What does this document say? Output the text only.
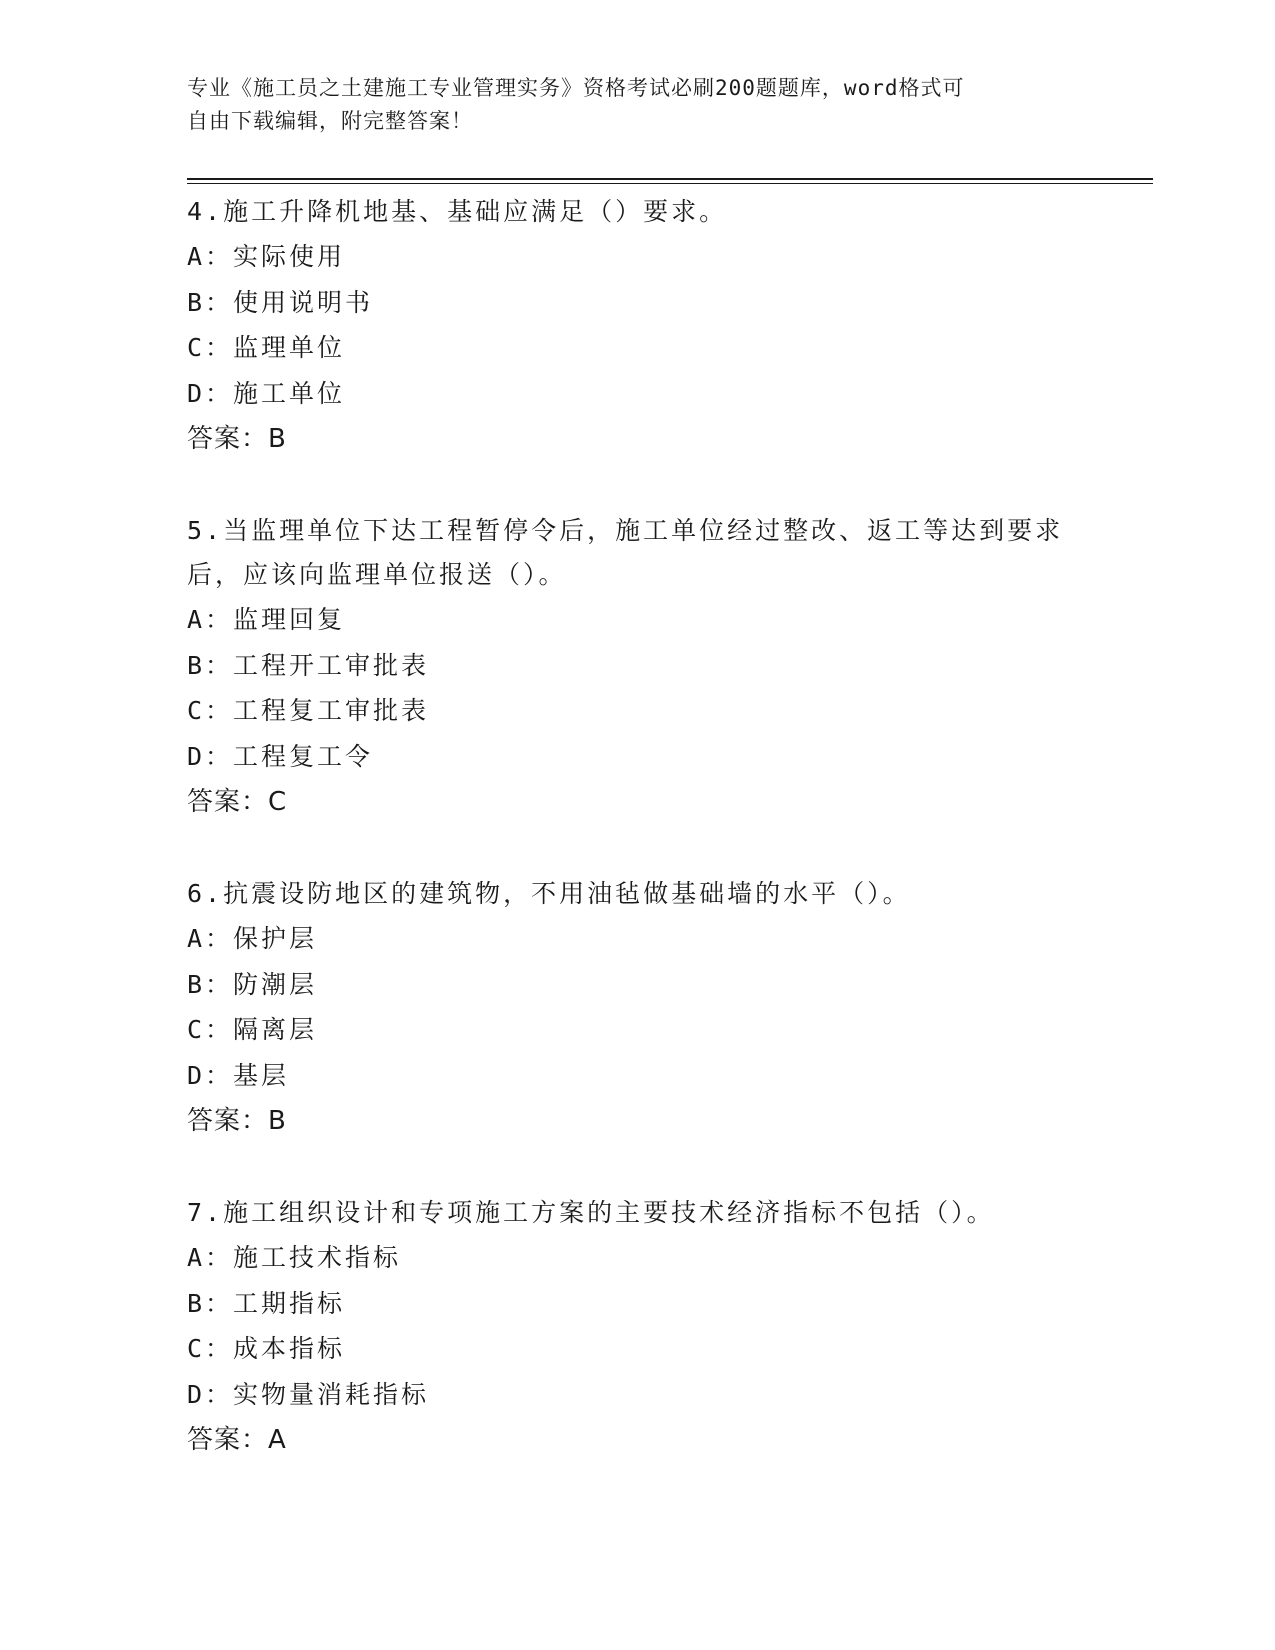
专业《施工员之土建施工专业管理实务》资格考试必刷200题题库，word格式可
自由下载编辑，附完整答案！

4.施工升降机地基、基础应满足（）要求。

A：实际使用

B：使用说明书

C：监理单位

D：施工单位

答案：B

5.当监理单位下达工程暂停令后，施工单位经过整改、返工等达到要求后，应该向监理单位报送（）。

A：监理回复

B：工程开工审批表

C：工程复工审批表

D：工程复工令

答案：C

6.抗震设防地区的建筑物，不用油毡做基础墙的水平（）。

A：保护层

B：防潮层

C：隔离层

D：基层

答案：B

7.施工组织设计和专项施工方案的主要技术经济指标不包括（）。

A：施工技术指标

B：工期指标

C：成本指标

D：实物量消耗指标

答案：A
